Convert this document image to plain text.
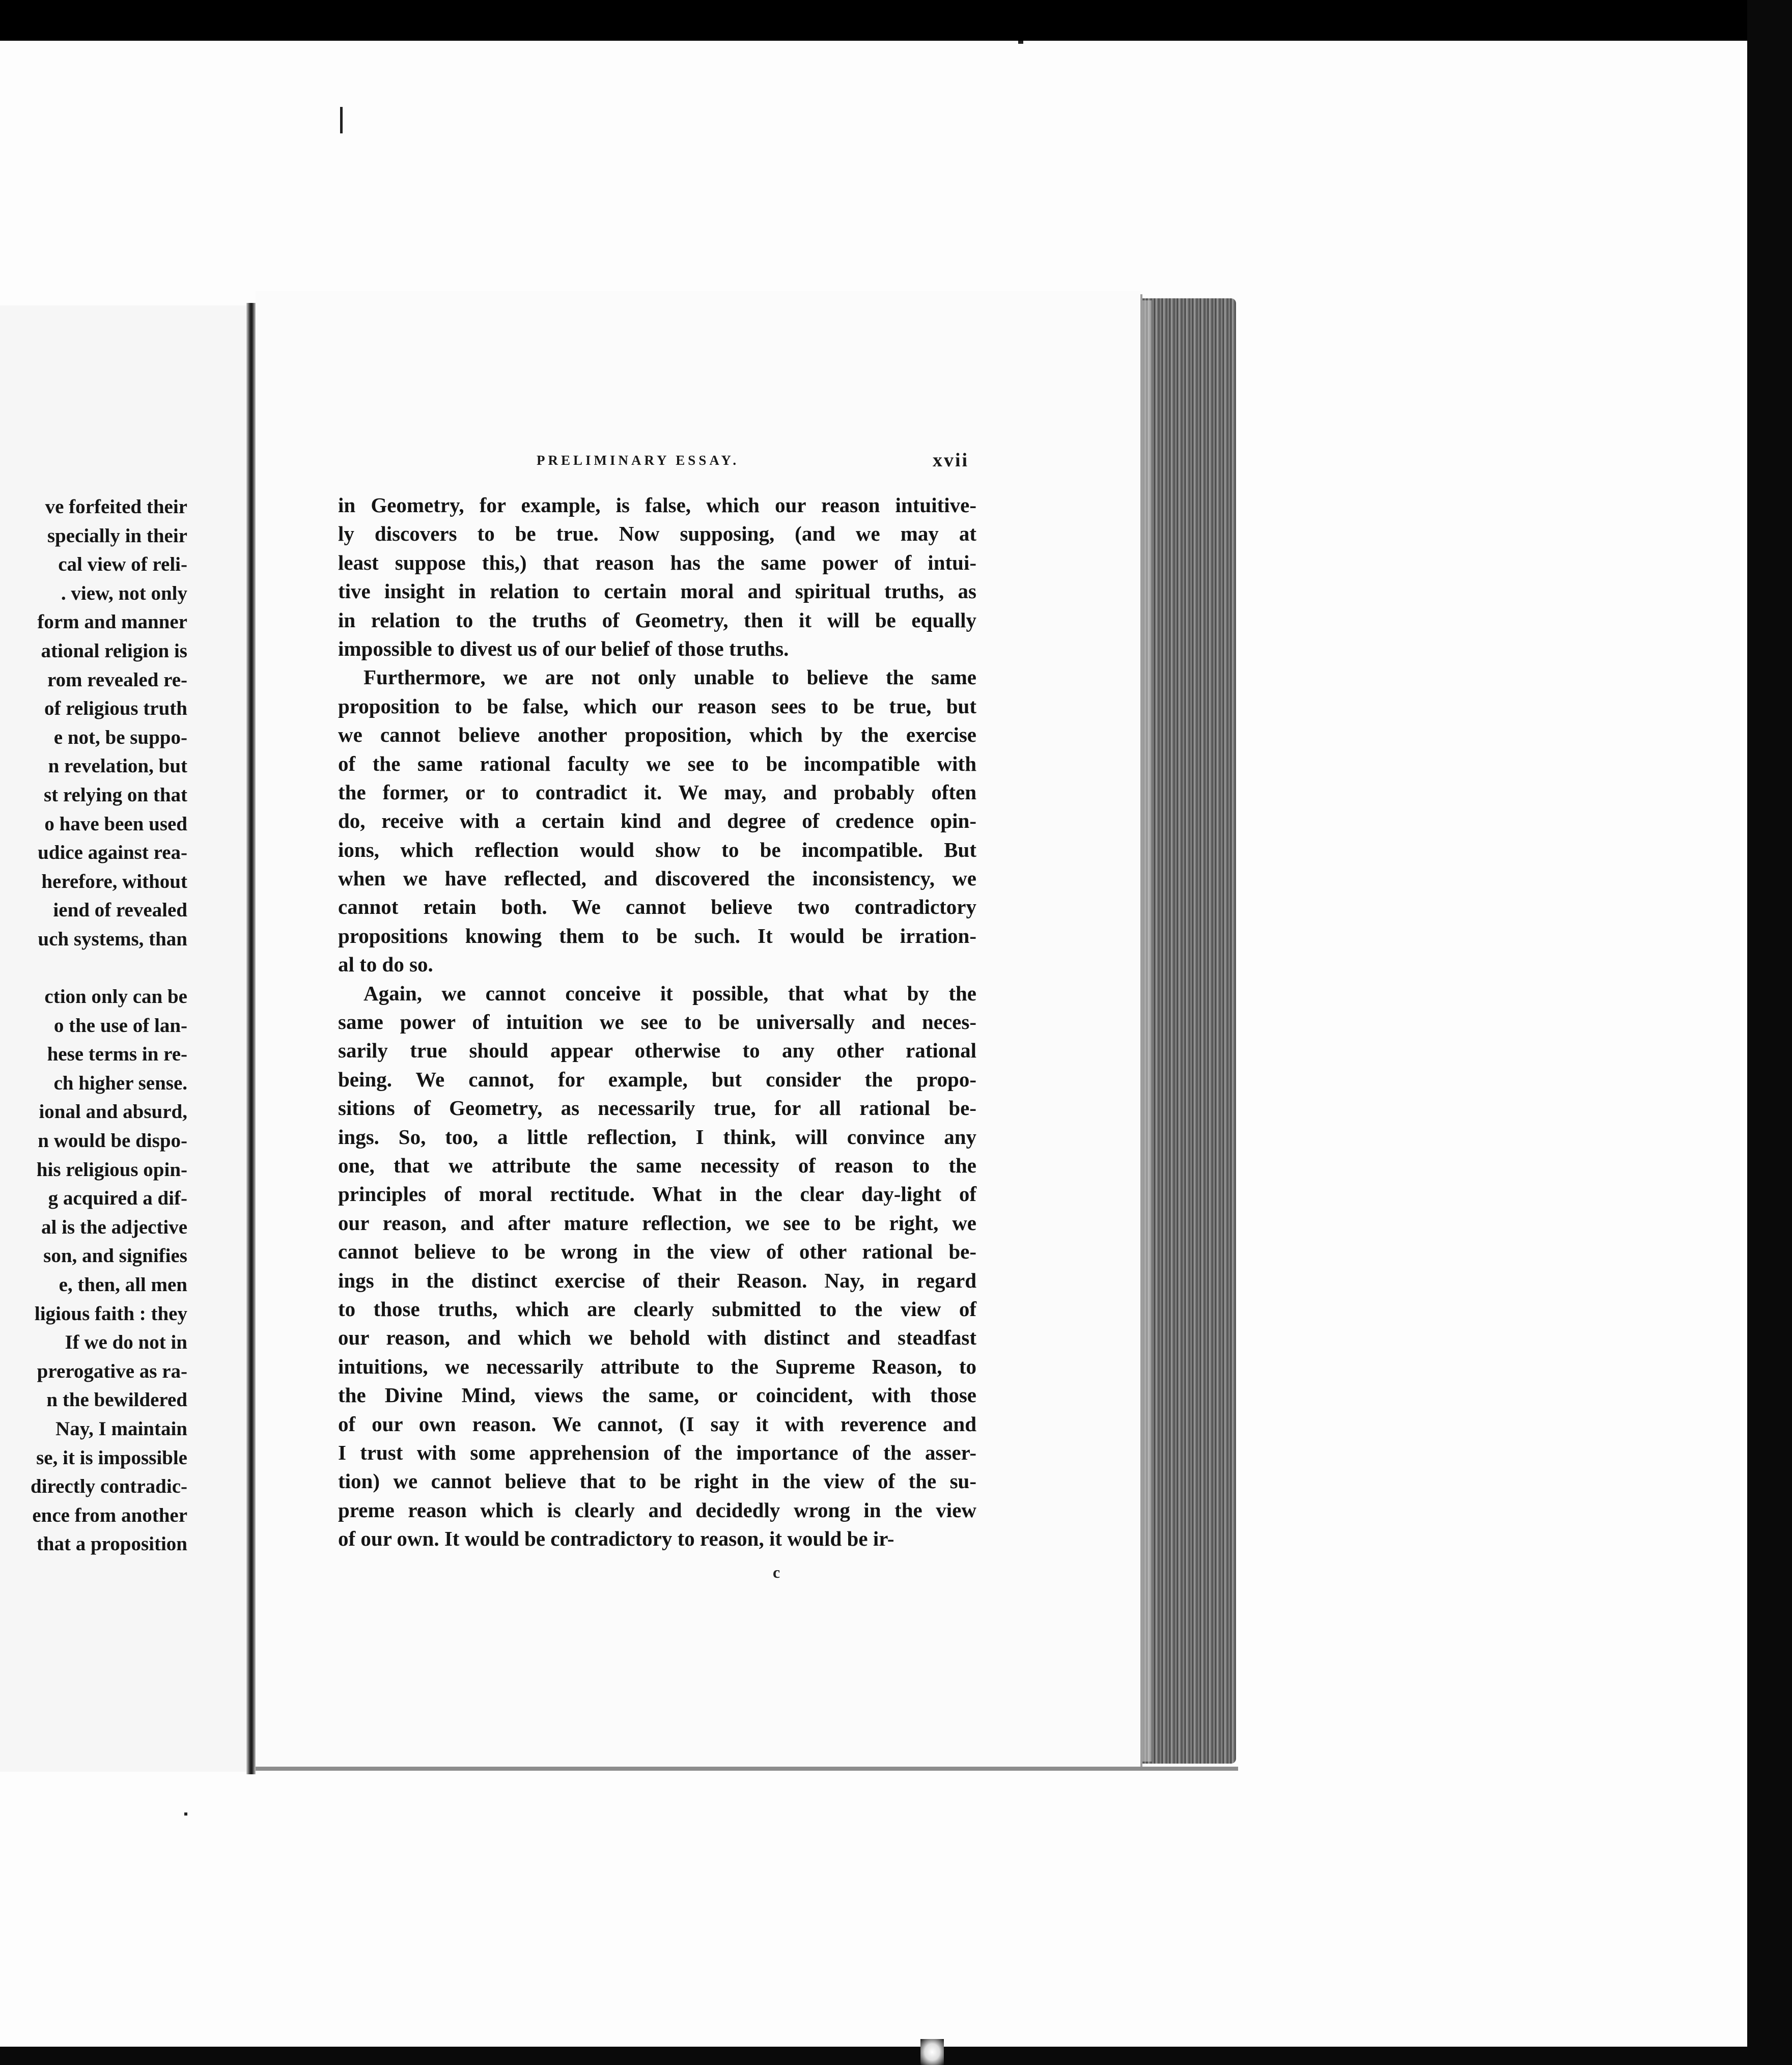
ve forfeited their
specially in their
cal view of reli-
. view, not only
form and manner
ational religion is
rom revealed re-
of religious truth
e not, be suppo-
n revelation, but
st relying on that
o have been used
udice against rea-
herefore, without
iend of revealed
uch systems, than
ction only can be
o the use of lan-
hese terms in re-
ch higher sense.
ional and absurd,
n would be dispo-
his religious opin-
g acquired a dif-
al is the adjective
son, and signifies
e, then, all men
ligious faith : they
If we do not in
prerogative as ra-
n the bewildered
Nay, I maintain
se, it is impossible
directly contradic-
ence from another
that a proposition
PRELIMINARY ESSAY.	xvii
in Geometry, for example, is false, which our reason intuitive-
ly discovers to be true. Now supposing, (and we may at
least suppose this,) that reason has the same power of intui-
tive insight in relation to certain moral and spiritual truths, as
in relation to the truths of Geometry, then it will be equally
impossible to divest us of our belief of those truths.
Furthermore, we are not only unable to believe the same
proposition to be false, which our reason sees to be true, but
we cannot believe another proposition, which by the exercise
of the same rational faculty we see to be incompatible with
the former, or to contradict it. We may, and probably often
do, receive with a certain kind and degree of credence opin-
ions, which reflection would show to be incompatible. But
when we have reflected, and discovered the inconsistency, we
cannot retain both. We cannot believe two contradictory
propositions knowing them to be such. It would be irration-
al to do so.
Again, we cannot conceive it possible, that what by the
same power of intuition we see to be universally and neces-
sarily true should appear otherwise to any other rational
being. We cannot, for example, but consider the propo-
sitions of Geometry, as necessarily true, for all rational be-
ings. So, too, a little reflection, I think, will convince any
one, that we attribute the same necessity of reason to the
principles of moral rectitude. What in the clear day-light of
our reason, and after mature reflection, we see to be right, we
cannot believe to be wrong in the view of other rational be-
ings in the distinct exercise of their Reason. Nay, in regard
to those truths, which are clearly submitted to the view of
our reason, and which we behold with distinct and steadfast
intuitions, we necessarily attribute to the Supreme Reason, to
the Divine Mind, views the same, or coincident, with those
of our own reason. We cannot, (I say it with reverence and
I trust with some apprehension of the importance of the asser-
tion) we cannot believe that to be right in the view of the su-
preme reason which is clearly and decidedly wrong in the view
of our own. It would be contradictory to reason, it would be ir-
c
